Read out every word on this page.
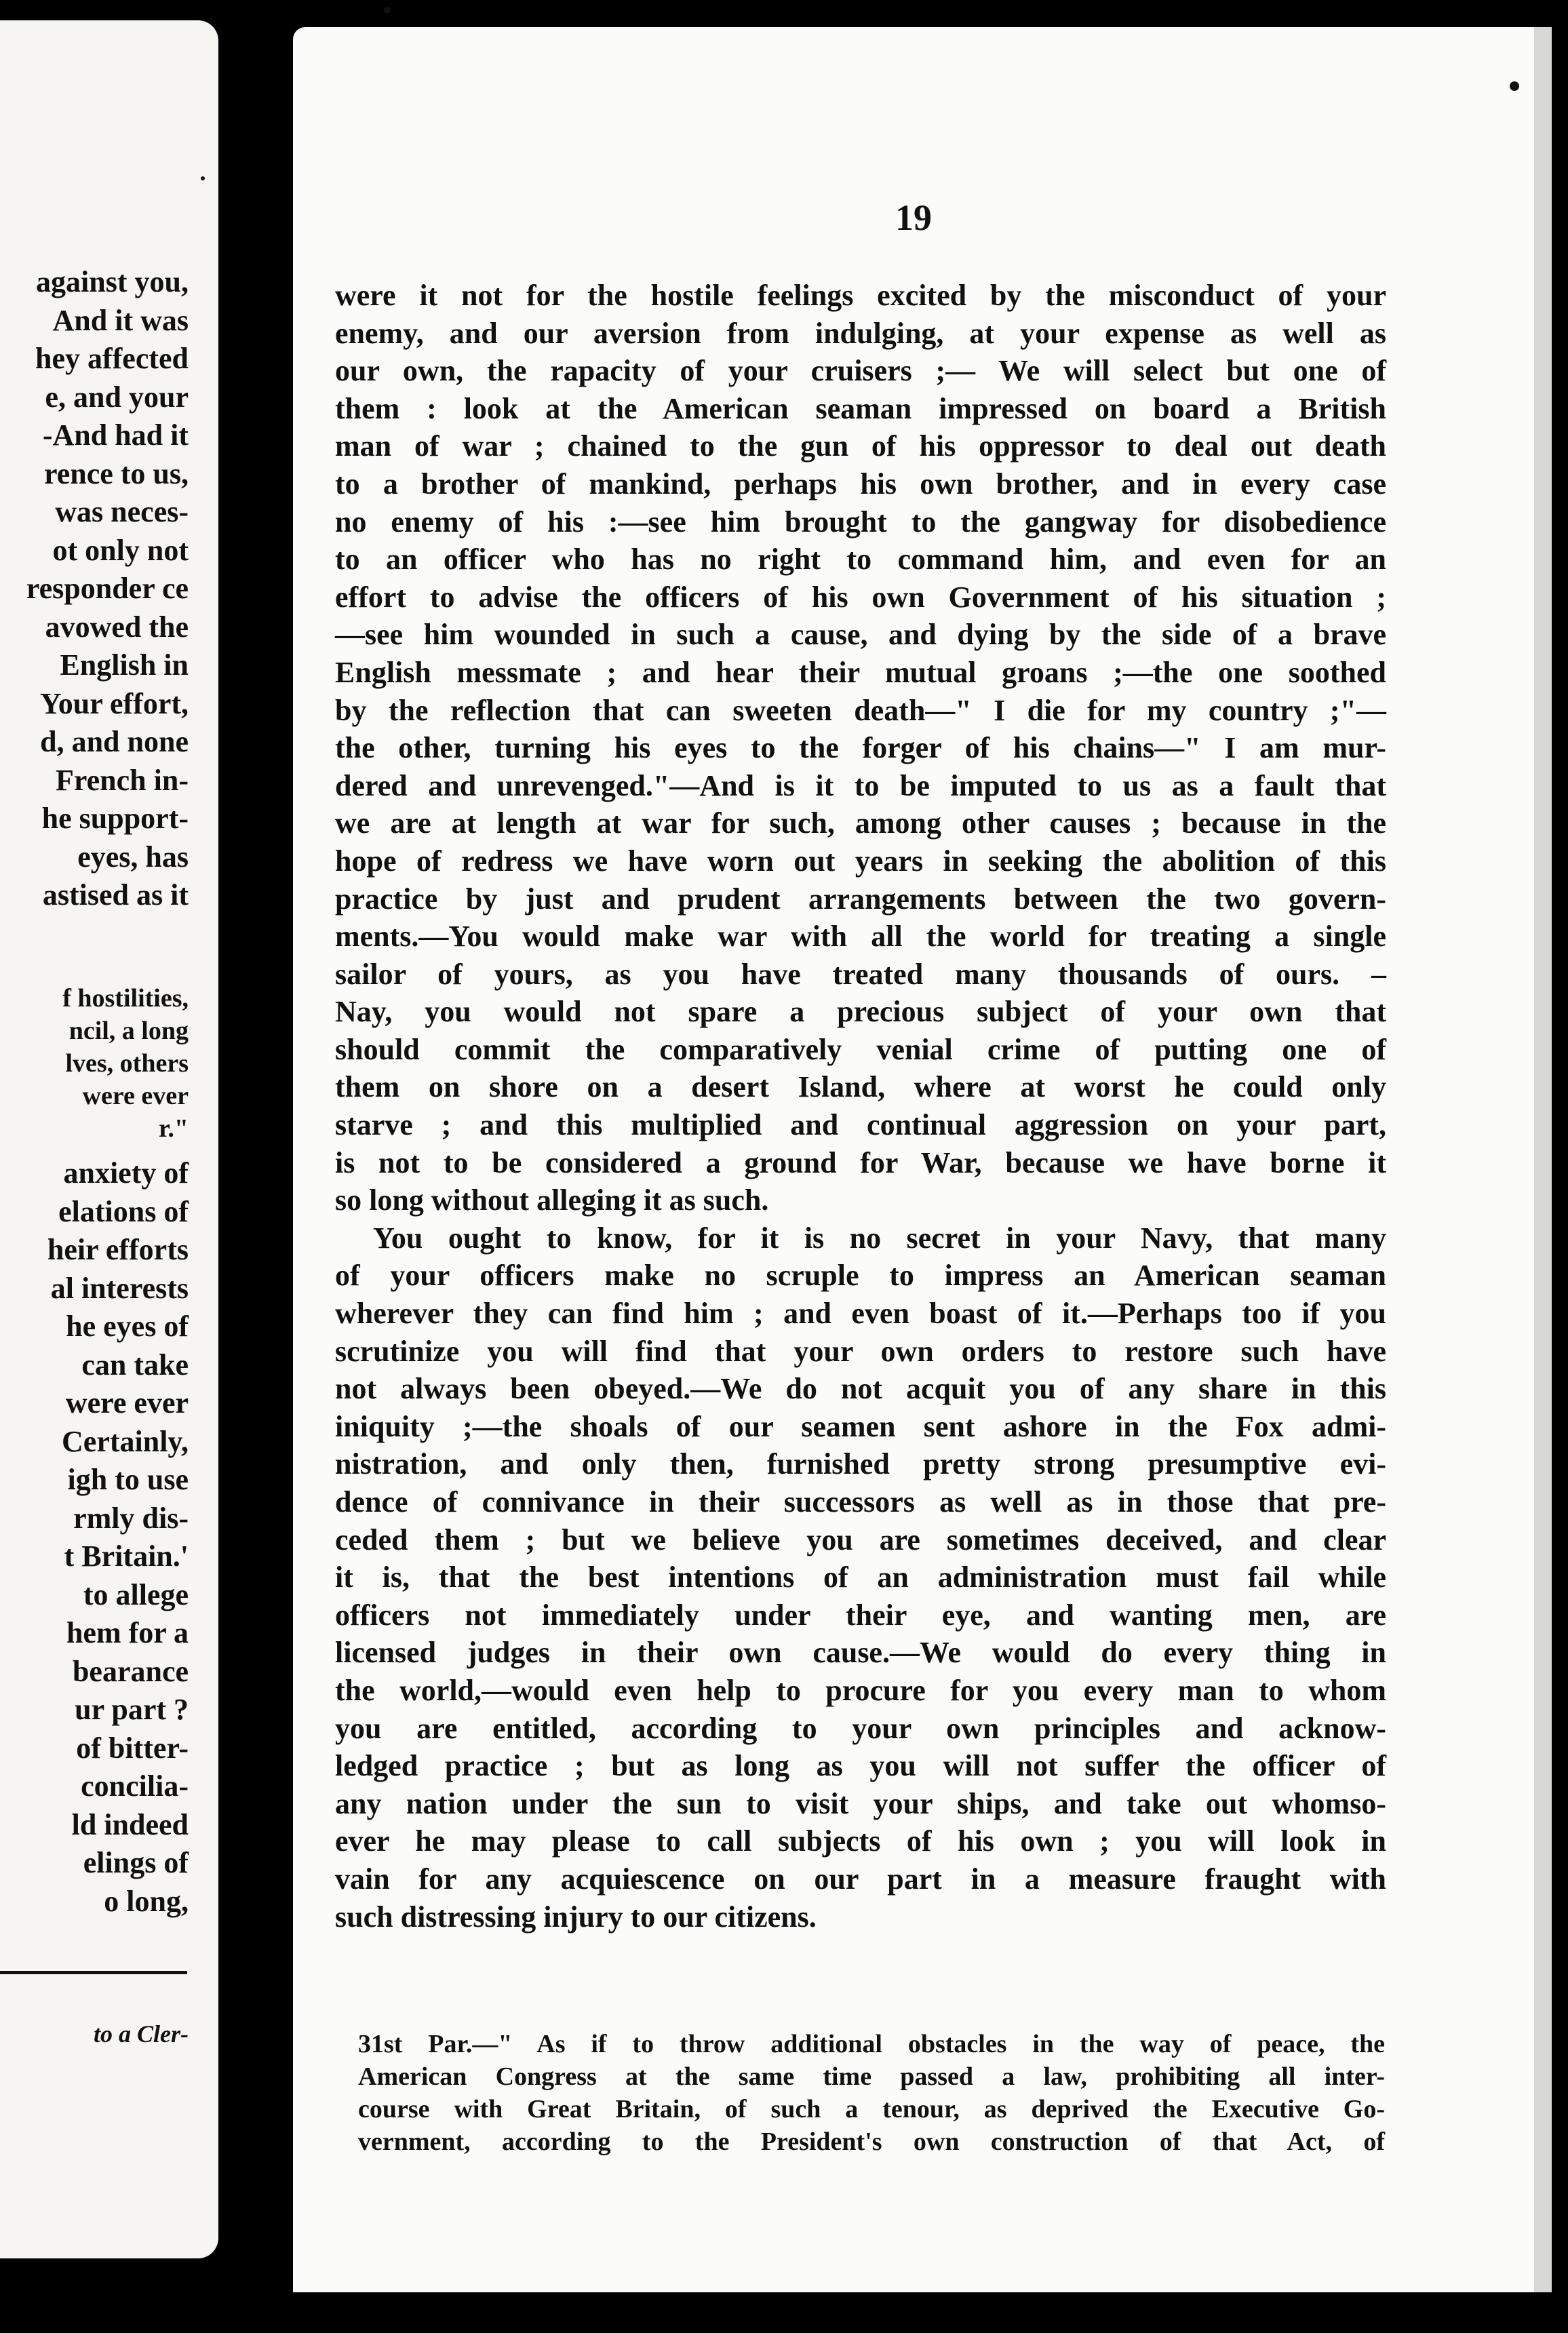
against you,
And it was
hey affected
e, and your
-And had it
rence to us,
was neces-
ot only not
responder ce
avowed the
English in
Your effort,
d, and none
French in-
he support-
eyes, has
astised as it
f hostilities,
ncil, a long
lves, others
were ever
r."
anxiety of
elations of
heir efforts
al interests
he eyes of
can take
were ever
Certainly,
igh to use
rmly dis-
t Britain.'
to allege
hem for a
bearance
ur part ?
of bitter-
concilia-
ld indeed
elings of
o long,
to a Cler-
19
were it not for the hostile feelings excited by the misconduct of your
enemy, and our aversion from indulging, at your expense as well as
our own, the rapacity of your cruisers ;— We will select but one of
them : look at the American seaman impressed on board a British
man of war ; chained to the gun of his oppressor to deal out death
to a brother of mankind, perhaps his own brother, and in every case
no enemy of his :—see him brought to the gangway for disobedience
to an officer who has no right to command him, and even for an
effort to advise the officers of his own Government of his situation ;
—see him wounded in such a cause, and dying by the side of a brave
English messmate ; and hear their mutual groans ;—the one soothed
by the reflection that can sweeten death—" I die for my country ;"—
the other, turning his eyes to the forger of his chains—" I am mur-
dered and unrevenged."—And is it to be imputed to us as a fault that
we are at length at war for such, among other causes ; because in the
hope of redress we have worn out years in seeking the abolition of this
practice by just and prudent arrangements between the two govern-
ments.—You would make war with all the world for treating a single
sailor of yours, as you have treated many thousands of ours. –
Nay, you would not spare a precious subject of your own that
should commit the comparatively venial crime of putting one of
them on shore on a desert Island, where at worst he could only
starve ; and this multiplied and continual aggression on your part,
is not to be considered a ground for War, because we have borne it
so long without alleging it as such.
You ought to know, for it is no secret in your Navy, that many
of your officers make no scruple to impress an American seaman
wherever they can find him ; and even boast of it.—Perhaps too if you
scrutinize you will find that your own orders to restore such have
not always been obeyed.—We do not acquit you of any share in this
iniquity ;—the shoals of our seamen sent ashore in the Fox admi-
nistration, and only then, furnished pretty strong presumptive evi-
dence of connivance in their successors as well as in those that pre-
ceded them ; but we believe you are sometimes deceived, and clear
it is, that the best intentions of an administration must fail while
officers not immediately under their eye, and wanting men, are
licensed judges in their own cause.—We would do every thing in
the world,—would even help to procure for you every man to whom
you are entitled, according to your own principles and acknow-
ledged practice ; but as long as you will not suffer the officer of
any nation under the sun to visit your ships, and take out whomso-
ever he may please to call subjects of his own ; you will look in
vain for any acquiescence on our part in a measure fraught with
such distressing injury to our citizens.
31st Par.—" As if to throw additional obstacles in the way of peace, the
American Congress at the same time passed a law, prohibiting all inter-
course with Great Britain, of such a tenour, as deprived the Executive Go-
vernment, according to the President's own construction of that Act, of
